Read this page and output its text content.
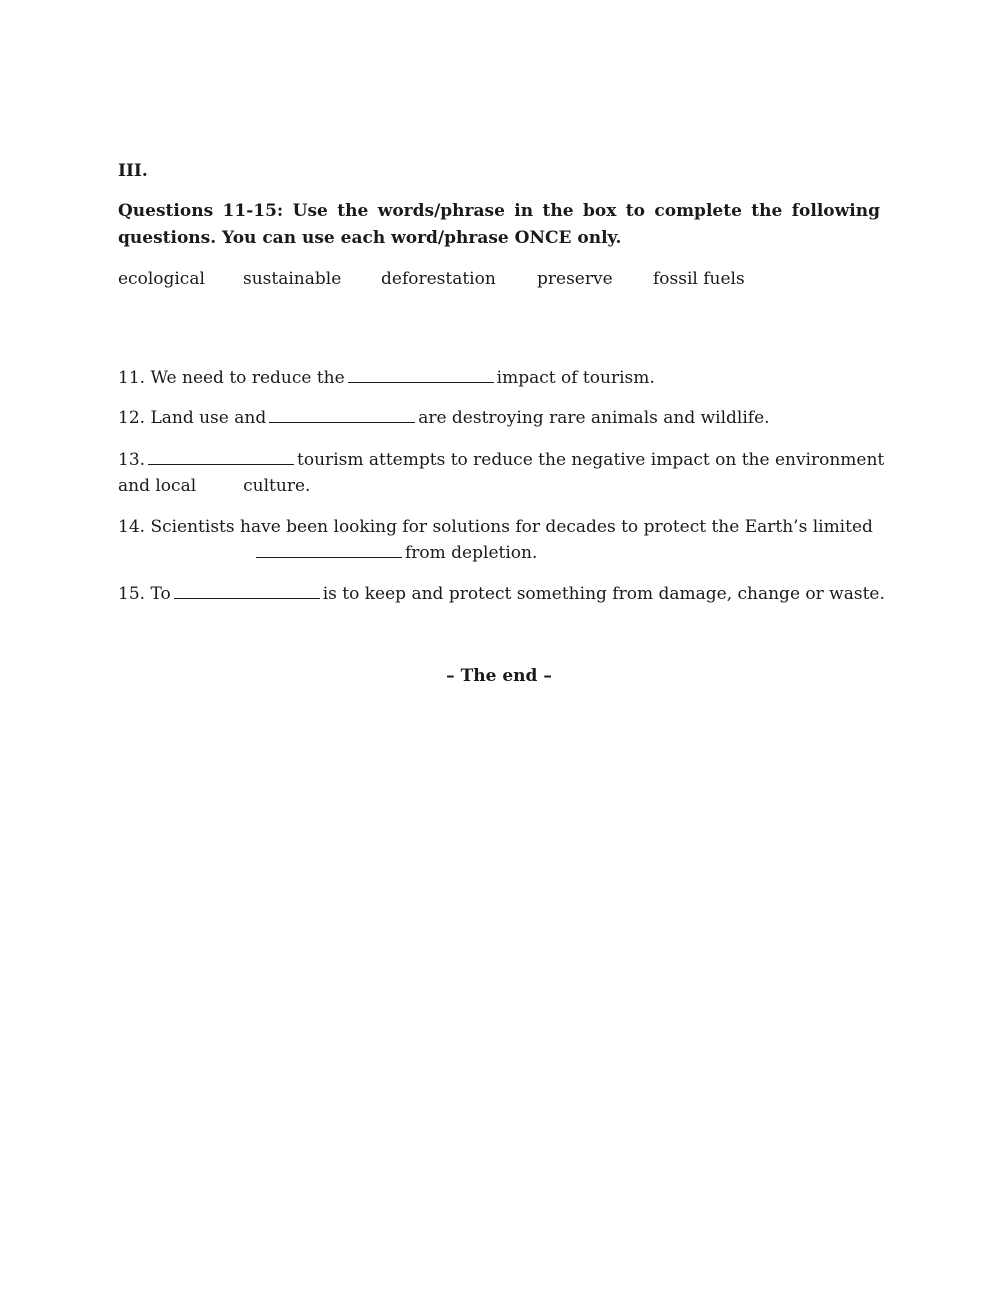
III.
Questions 11-15: Use the words/phrase in the box to complete the following questions. You can use each word/phrase ONCE only.
ecological sustainable deforestation preserve fossil fuels
11. We need to reduce the	impact of tourism.
12. Land use and	are destroying rare animals and wildlife.
13.	tourism attempts to reduce the negative impact on the environment
and local	culture.
14. Scientists have been looking for solutions for decades to protect the Earth’s limited
from depletion.
15. To	is to keep and protect something from damage, change or waste.
– The end –
